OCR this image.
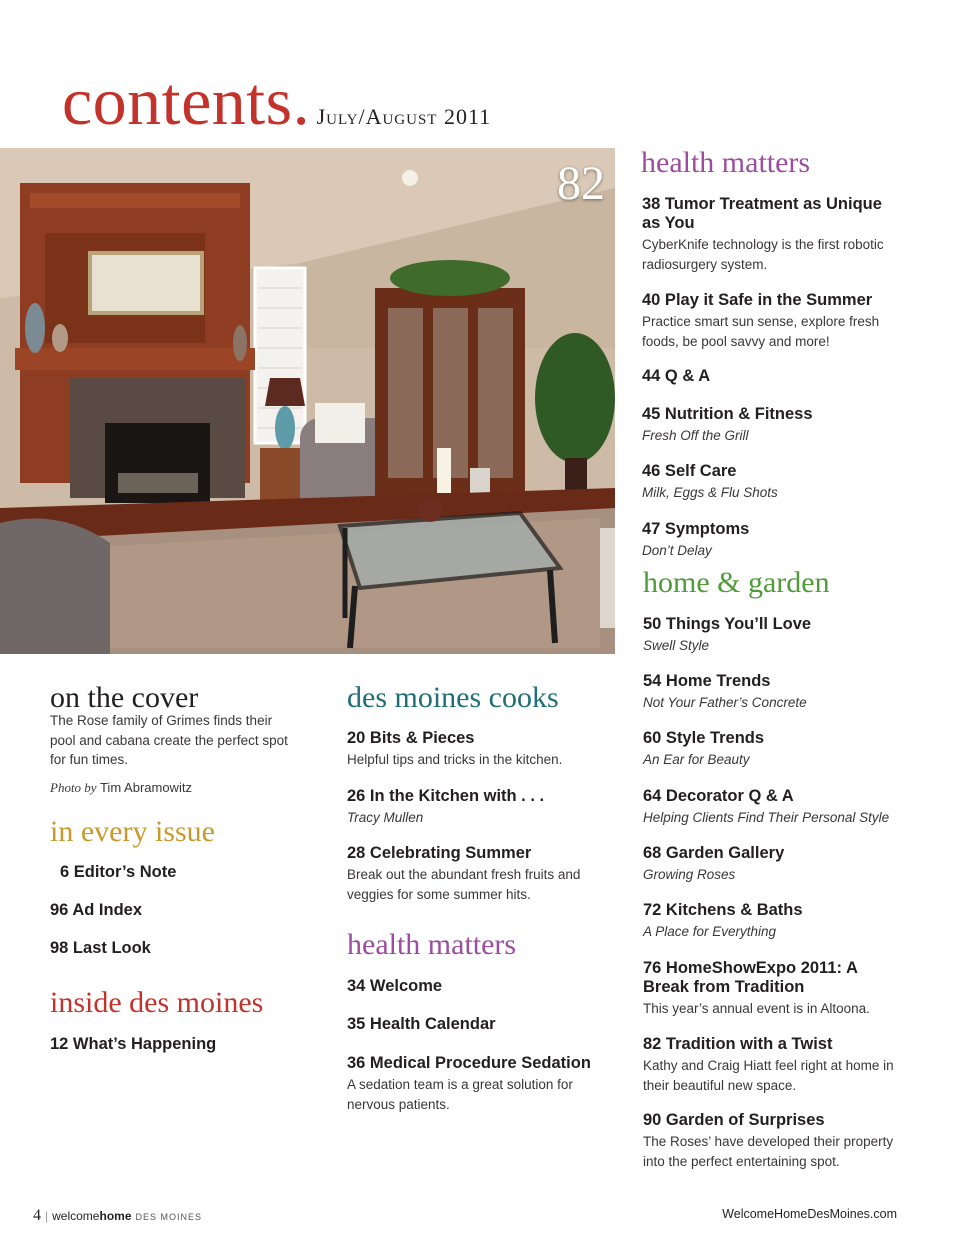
contents. July/August 2011
82
on the cover
The Rose family of Grimes finds their pool and cabana create the perfect spot for fun times.
Photo by Tim Abramowitz
in every issue
6 Editor’s Note
96 Ad Index
98 Last Look
inside des moines
12 What’s Happening
des moines cooks
20 Bits & Pieces
Helpful tips and tricks in the kitchen.
26 In the Kitchen with . . .
Tracy Mullen
28 Celebrating Summer
Break out the abundant fresh fruits and veggies for some summer hits.
health matters
34 Welcome
35 Health Calendar
36 Medical Procedure Sedation
A sedation team is a great solution for nervous patients.
health matters
38 Tumor Treatment as Unique as You
CyberKnife technology is the first robotic radiosurgery system.
40 Play it Safe in the Summer
Practice smart sun sense, explore fresh foods, be pool savvy and more!
44 Q & A
45 Nutrition & Fitness
Fresh Off the Grill
46 Self Care
Milk, Eggs & Flu Shots
47 Symptoms
Don’t Delay
home & garden
50 Things You’ll Love
Swell Style
54 Home Trends
Not Your Father’s Concrete
60 Style Trends
An Ear for Beauty
64 Decorator Q & A
Helping Clients Find Their Personal Style
68 Garden Gallery
Growing Roses
72 Kitchens & Baths
A Place for Everything
76 HomeShowExpo 2011: A Break from Tradition
This year’s annual event is in Altoona.
82 Tradition with a Twist
Kathy and Craig Hiatt feel right at home in their beautiful new space.
90 Garden of Surprises
The Roses’ have developed their property into the perfect entertaining spot.
4 | welcomehome DES MOINES	WelcomeHomeDesMoines.com
